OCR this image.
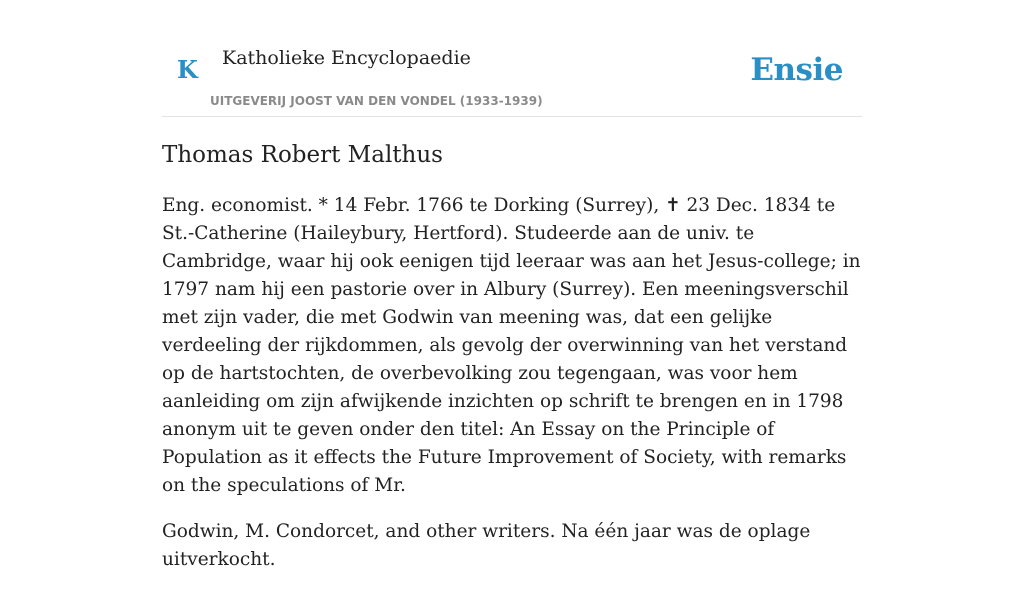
K Katholieke Encyclopaedie	Ensie
UITGEVERIJ JOOST VAN DEN VONDEL (1933-1939)
Thomas Robert Malthus

Eng. economist. * 14 Febr. 1766 te Dorking (Surrey), ✝ 23 Dec. 1834 te St.-Catherine (Haileybury, Hertford). Studeerde aan de univ. te Cambridge, waar hij ook eenigen tijd leeraar was aan het Jesus-college; in 1797 nam hij een pastorie over in Albury (Surrey). Een meeningsverschil met zijn vader, die met Godwin van meening was, dat een gelijke verdeeling der rijkdommen, als gevolg der overwinning van het verstand op de hartstochten, de overbevolking zou tegengaan, was voor hem aanleiding om zijn afwijkende inzichten op schrift te brengen en in 1798 anonym uit te geven onder den titel: An Essay on the Principle of Population as it effects the Future Improvement of Society, with remarks on the speculations of Mr.

Godwin, M. Condorcet, and other writers. Na één jaar was de oplage uitverkocht.
